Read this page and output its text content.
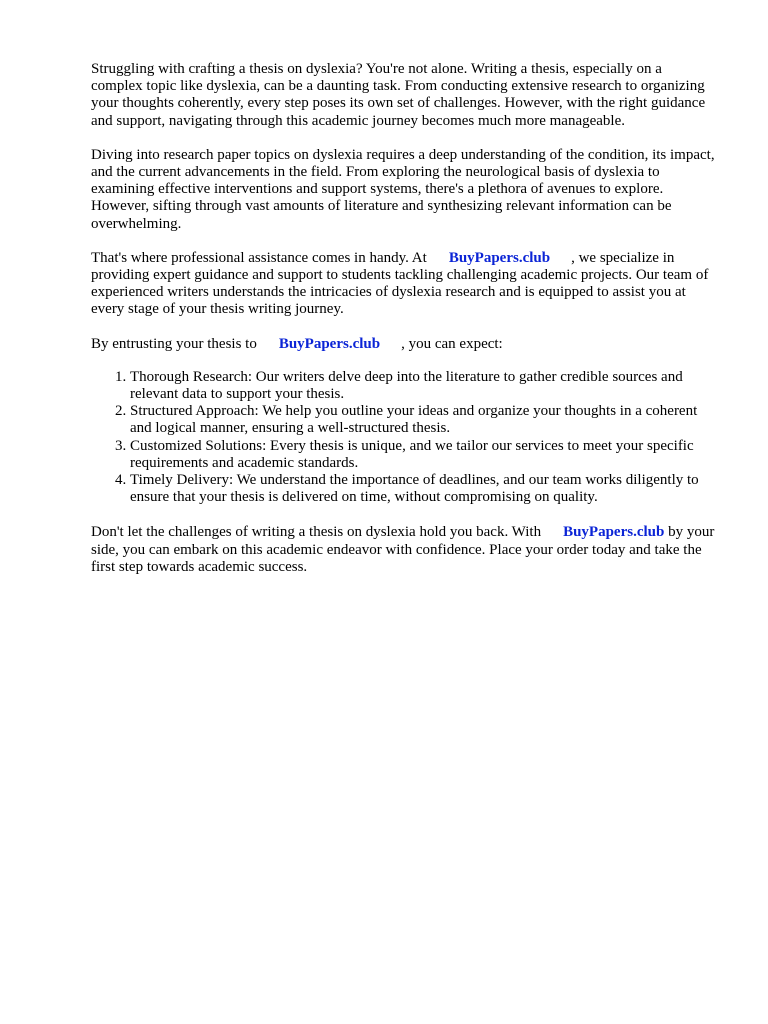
Struggling with crafting a thesis on dyslexia? You're not alone. Writing a thesis, especially on a complex topic like dyslexia, can be a daunting task. From conducting extensive research to organizing your thoughts coherently, every step poses its own set of challenges. However, with the right guidance and support, navigating through this academic journey becomes much more manageable.

Diving into research paper topics on dyslexia requires a deep understanding of the condition, its impact, and the current advancements in the field. From exploring the neurological basis of dyslexia to examining effective interventions and support systems, there's a plethora of avenues to explore. However, sifting through vast amounts of literature and synthesizing relevant information can be overwhelming.

That's where professional assistance comes in handy. At BuyPapers.club , we specialize in providing expert guidance and support to students tackling challenging academic projects. Our team of experienced writers understands the intricacies of dyslexia research and is equipped to assist you at every stage of your thesis writing journey.

By entrusting your thesis to BuyPapers.club , you can expect:

1. Thorough Research: Our writers delve deep into the literature to gather credible sources and relevant data to support your thesis.
2. Structured Approach: We help you outline your ideas and organize your thoughts in a coherent and logical manner, ensuring a well-structured thesis.
3. Customized Solutions: Every thesis is unique, and we tailor our services to meet your specific requirements and academic standards.
4. Timely Delivery: We understand the importance of deadlines, and our team works diligently to ensure that your thesis is delivered on time, without compromising on quality.

Don't let the challenges of writing a thesis on dyslexia hold you back. With BuyPapers.club by your side, you can embark on this academic endeavor with confidence. Place your order today and take the first step towards academic success.
